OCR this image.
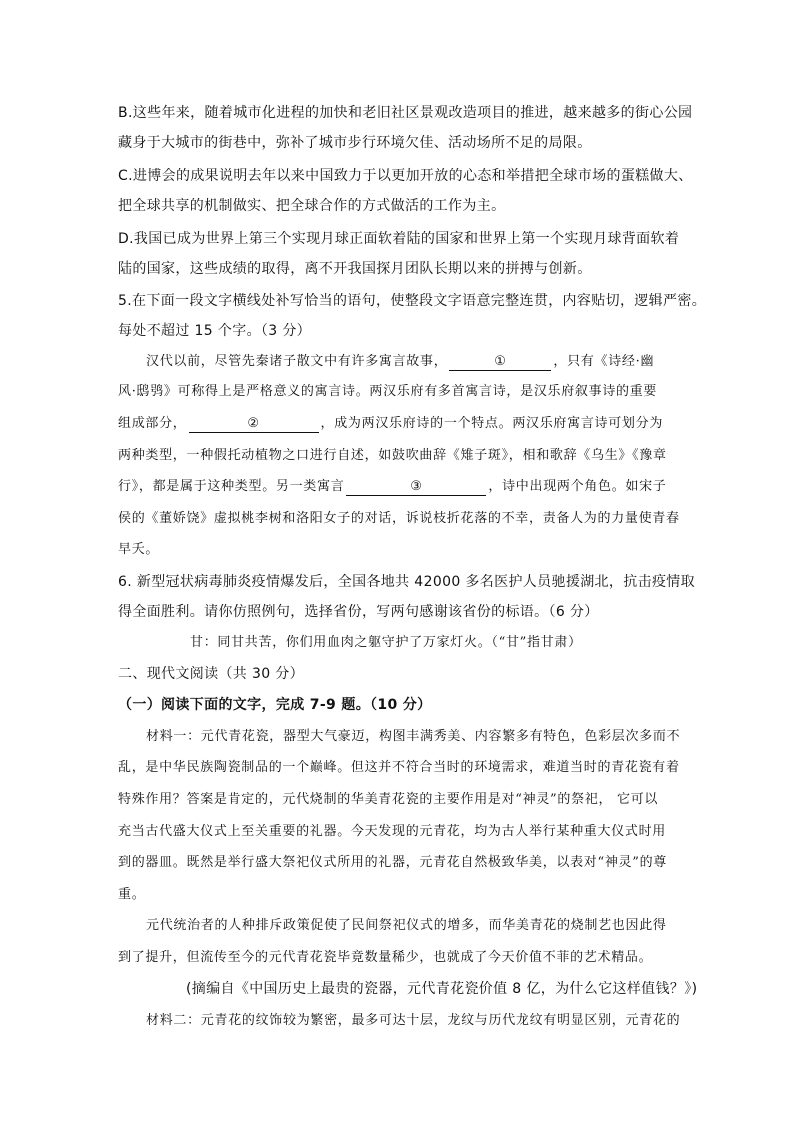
B.这些年来，随着城市化进程的加快和老旧社区景观改造项目的推进，越来越多的街心公园
藏身于大城市的街巷中，弥补了城市步行环境欠佳、活动场所不足的局限。
C.进博会的成果说明去年以来中国致力于以更加开放的心态和举措把全球市场的蛋糕做大、
把全球共享的机制做实、把全球合作的方式做活的工作为主。
D.我国已成为世界上第三个实现月球正面软着陆的国家和世界上第一个实现月球背面软着
陆的国家，这些成绩的取得，离不开我国探月团队长期以来的拼搏与创新。
5.在下面一段文字横线处补写恰当的语句，使整段文字语意完整连贯，内容贴切，逻辑严密。
每处不超过 15 个字。（3 分）
汉代以前，尽管先秦诸子散文中有许多寓言故事，	①	，只有《诗经·幽
风·鸱鸮》可称得上是严格意义的寓言诗。两汉乐府有多首寓言诗，是汉乐府叙事诗的重要
组成部分，	②	，成为两汉乐府诗的一个特点。两汉乐府寓言诗可划分为
两种类型，一种假托动植物之口进行自述，如鼓吹曲辞《雉子斑》，相和歌辞《乌生》《豫章
行》，都是属于这种类型。另一类寓言	③	，诗中出现两个角色。如宋子
侯的《董娇饶》虚拟桃李树和洛阳女子的对话，诉说枝折花落的不幸，责备人为的力量使青春
早夭。
6. 新型冠状病毒肺炎疫情爆发后，全国各地共 42000 多名医护人员驰援湖北，抗击疫情取
得全面胜利。请你仿照例句，选择省份，写两句感谢该省份的标语。（6 分）
甘：同甘共苦，你们用血肉之躯守护了万家灯火。（“甘”指甘肃）
二、现代文阅读（共 30 分）
（一）阅读下面的文字，完成 7-9 题。（10 分）
材料一：元代青花瓷，器型大气豪迈，构图丰满秀美、内容繁多有特色，色彩层次多而不
乱，是中华民族陶瓷制品的一个巅峰。但这并不符合当时的环境需求，难道当时的青花瓷有着
特殊作用？答案是肯定的，元代烧制的华美青花瓷的主要作用是对“神灵”的祭祀， 它可以
充当古代盛大仪式上至关重要的礼器。今天发现的元青花，均为古人举行某种重大仪式时用
到的器皿。既然是举行盛大祭祀仪式所用的礼器，元青花自然极致华美，以表对“神灵”的尊
重。
元代统治者的人种排斥政策促使了民间祭祀仪式的增多，而华美青花的烧制艺也因此得
到了提升，但流传至今的元代青花瓷毕竟数量稀少，也就成了今天价值不菲的艺术精品。
(摘编自《中国历史上最贵的瓷器，元代青花瓷价值 8 亿，为什么它这样值钱？》)
材料二：元青花的纹饰较为繁密，最多可达十层，龙纹与历代龙纹有明显区别，元青花的
